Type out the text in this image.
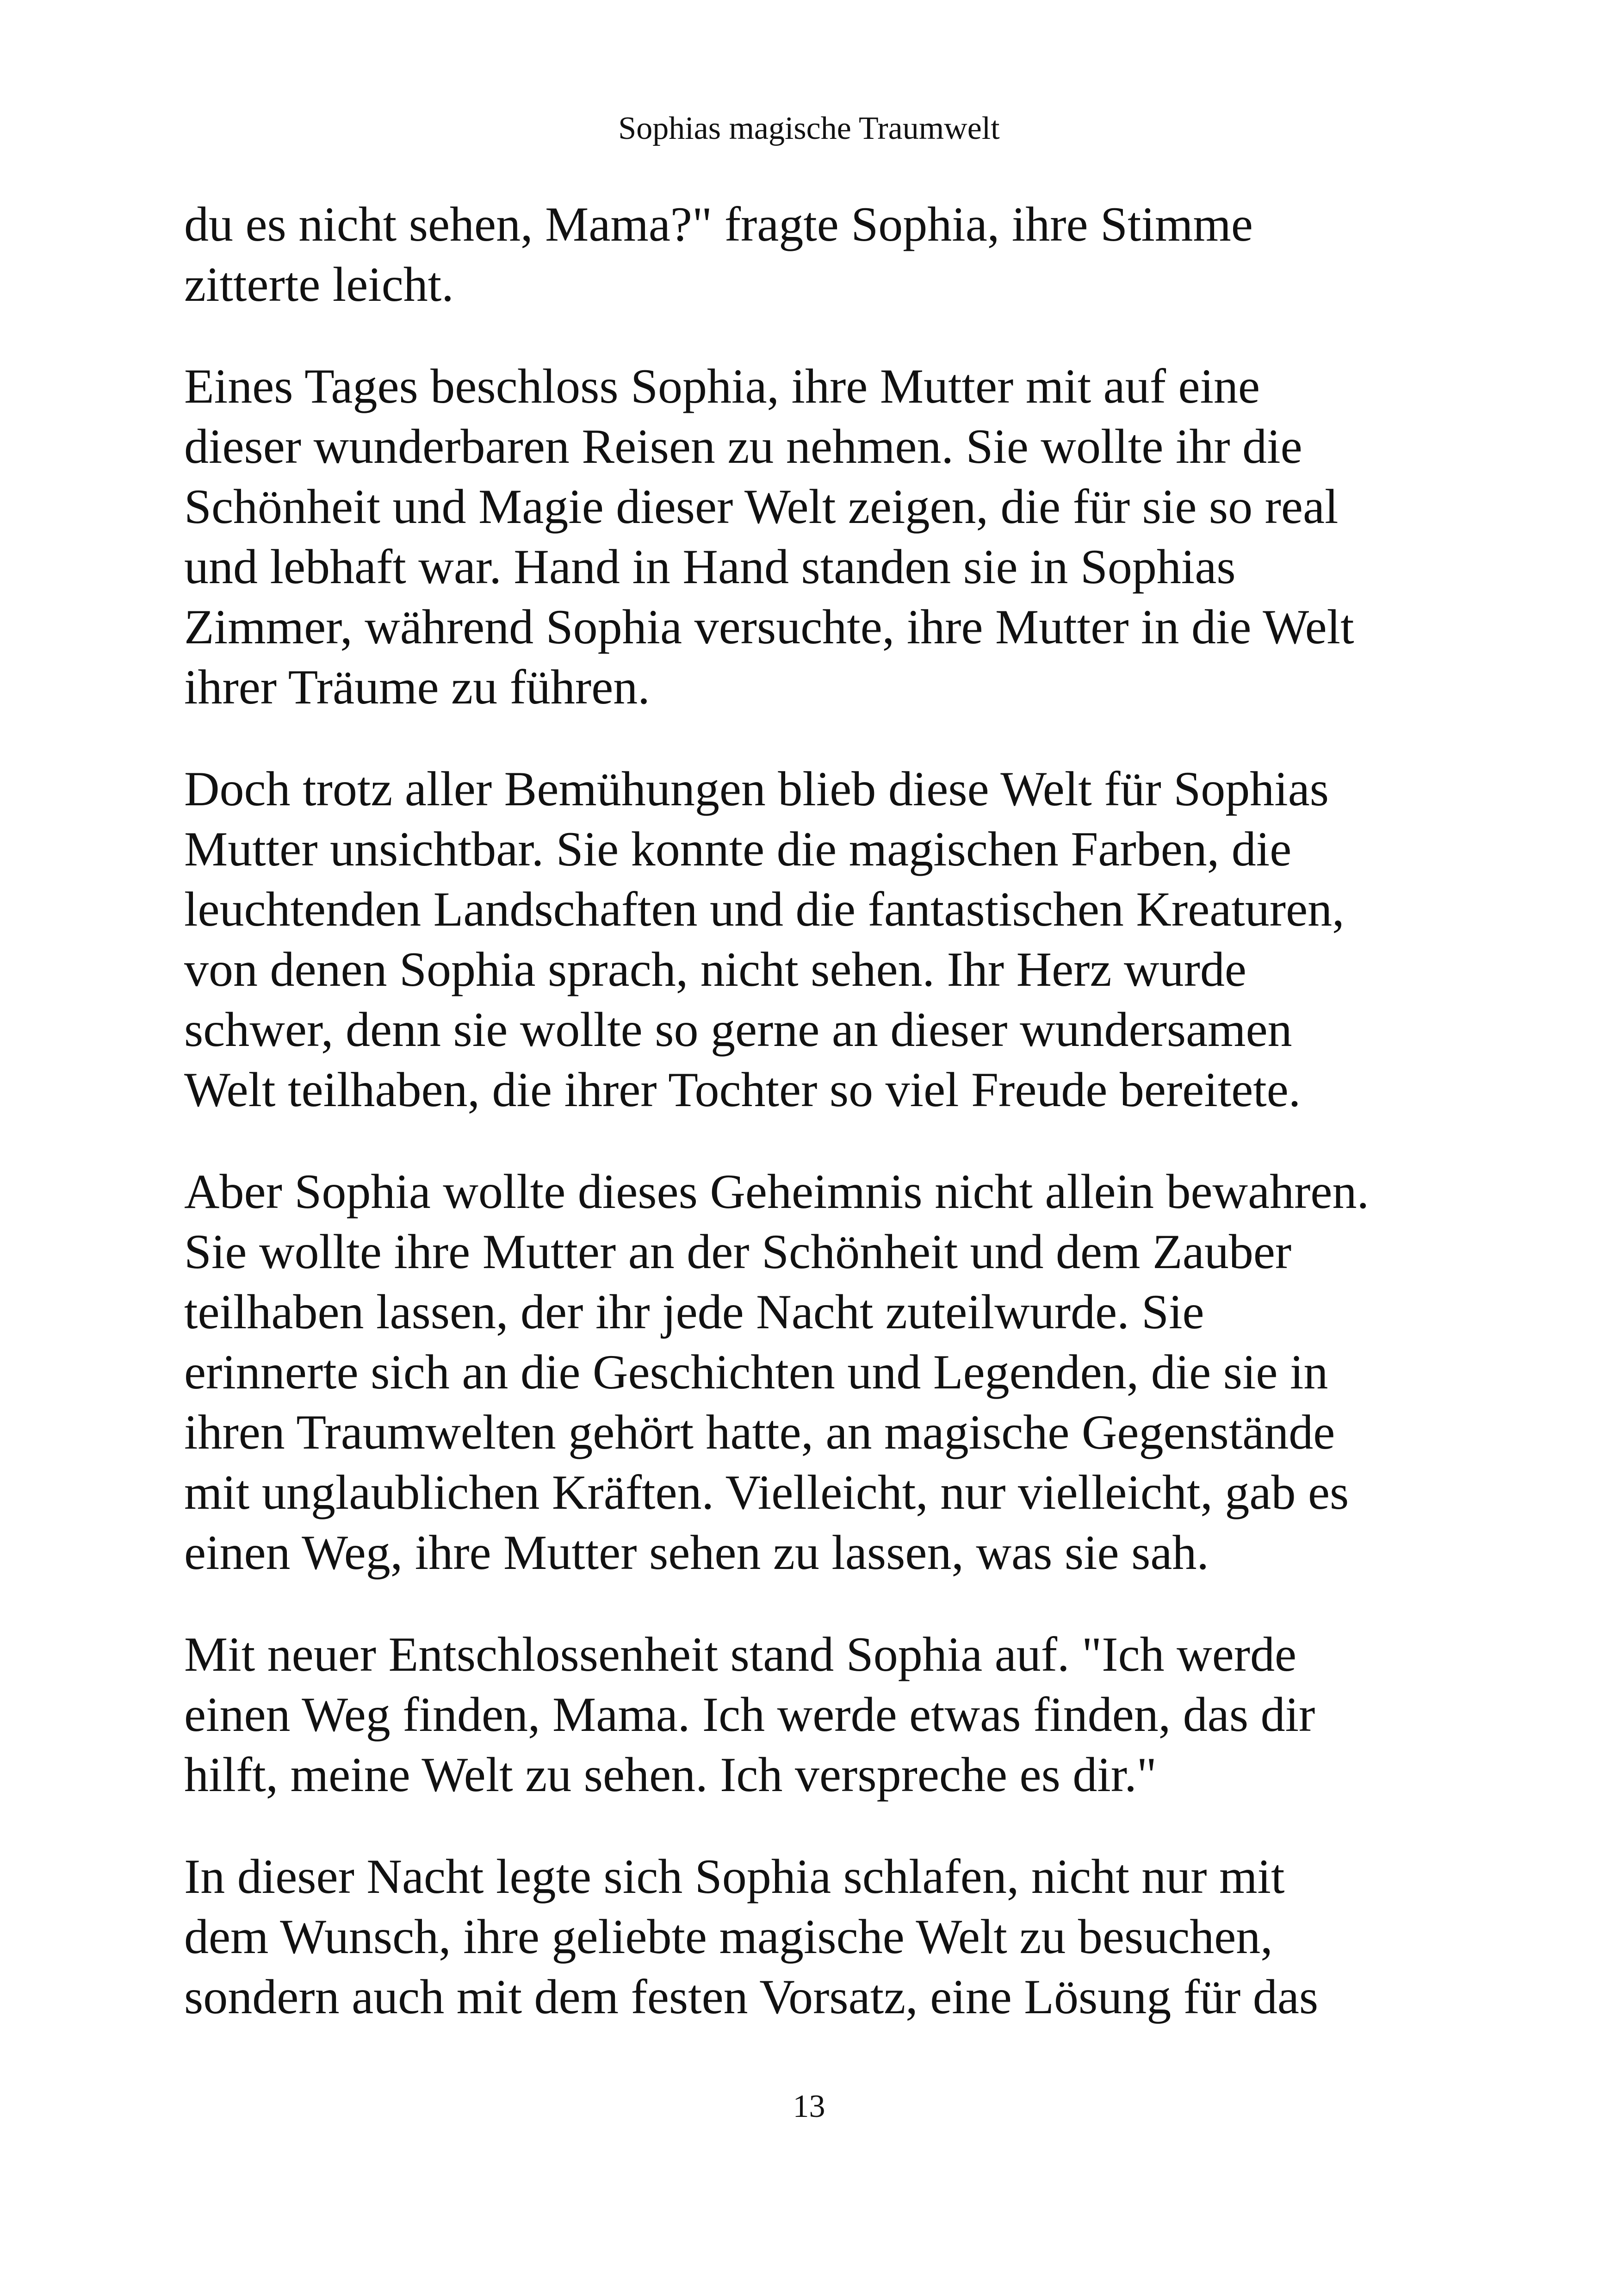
Sophias magische Traumwelt

du es nicht sehen, Mama?" fragte Sophia, ihre Stimme
zitterte leicht.

Eines Tages beschloss Sophia, ihre Mutter mit auf eine
dieser wunderbaren Reisen zu nehmen. Sie wollte ihr die
Schönheit und Magie dieser Welt zeigen, die für sie so real
und lebhaft war. Hand in Hand standen sie in Sophias
Zimmer, während Sophia versuchte, ihre Mutter in die Welt
ihrer Träume zu führen.

Doch trotz aller Bemühungen blieb diese Welt für Sophias
Mutter unsichtbar. Sie konnte die magischen Farben, die
leuchtenden Landschaften und die fantastischen Kreaturen,
von denen Sophia sprach, nicht sehen. Ihr Herz wurde
schwer, denn sie wollte so gerne an dieser wundersamen
Welt teilhaben, die ihrer Tochter so viel Freude bereitete.

Aber Sophia wollte dieses Geheimnis nicht allein bewahren.
Sie wollte ihre Mutter an der Schönheit und dem Zauber
teilhaben lassen, der ihr jede Nacht zuteilwurde. Sie
erinnerte sich an die Geschichten und Legenden, die sie in
ihren Traumwelten gehört hatte, an magische Gegenstände
mit unglaublichen Kräften. Vielleicht, nur vielleicht, gab es
einen Weg, ihre Mutter sehen zu lassen, was sie sah.

Mit neuer Entschlossenheit stand Sophia auf. "Ich werde
einen Weg finden, Mama. Ich werde etwas finden, das dir
hilft, meine Welt zu sehen. Ich verspreche es dir."

In dieser Nacht legte sich Sophia schlafen, nicht nur mit
dem Wunsch, ihre geliebte magische Welt zu besuchen,
sondern auch mit dem festen Vorsatz, eine Lösung für das

13
